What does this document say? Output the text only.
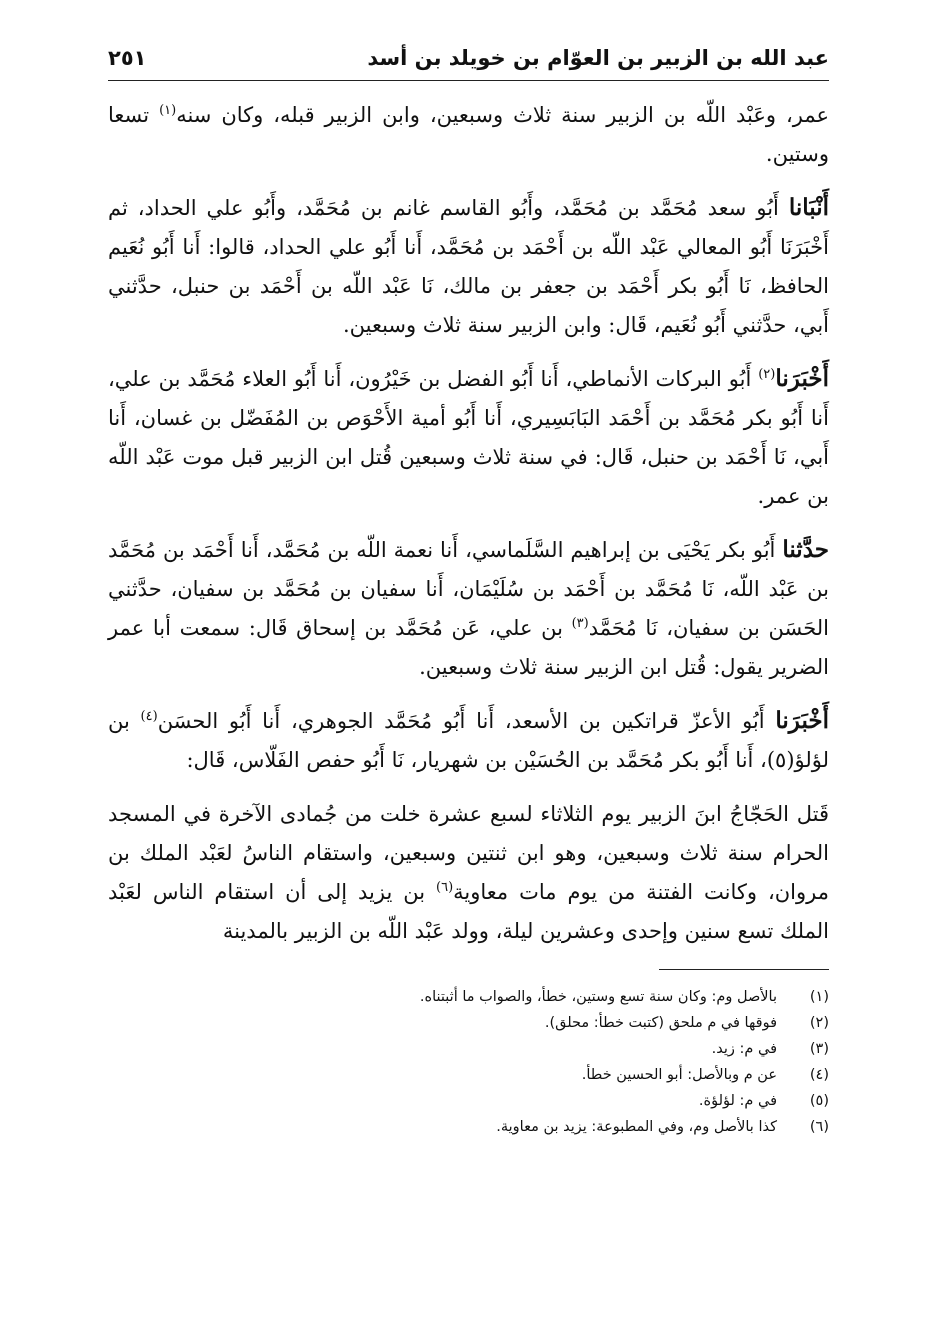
عبد الله بن الزبير بن العوّام بن خويلد بن أسد
٢٥١

عمر، وعَبْد اللّه بن الزبير سنة ثلاث وسبعين، وابن الزبير قبله، وكان سنه$^{(١)}$ تسعا وستين.

أَنْبَانا أَبُو سعد مُحَمَّد بن مُحَمَّد، وأَبُو القاسم غانم بن مُحَمَّد، وأَبُو علي الحداد، ثم أَخْبَرَنَا أَبُو المعالي عَبْد اللّه بن أَحْمَد بن مُحَمَّد، أَنا أَبُو علي الحداد، قالوا: أَنا أَبُو نُعَيم الحافظ، نَا أَبُو بكر أَحْمَد بن جعفر بن مالك، نَا عَبْد اللّه بن أَحْمَد بن حنبل، حدَّثني أَبي، حدَّثني أَبُو نُعَيم، قَال: وابن الزبير سنة ثلاث وسبعين.

أَخْبَرَنا$^{(٢)}$ أَبُو البركات الأنماطي، أَنا أَبُو الفضل بن خَيْرُون، أَنا أَبُو العلاء مُحَمَّد بن علي، أَنا أَبُو بكر مُحَمَّد بن أَحْمَد البَابَسِيري، أَنا أَبُو أمية الأَحْوَص بن المُفَضّل بن غسان، أَنا أَبي، نَا أَحْمَد بن حنبل، قَال: في سنة ثلاث وسبعين قُتل ابن الزبير قبل موت عَبْد اللّه بن عمر.

حدَّثنا أَبُو بكر يَحْيَى بن إبراهيم السَّلَماسي، أَنا نعمة اللّه بن مُحَمَّد، أَنا أَحْمَد بن مُحَمَّد بن عَبْد اللّه، نَا مُحَمَّد بن أَحْمَد بن سُلَيْمَان، أَنا سفيان بن مُحَمَّد بن سفيان، حدَّثني الحَسَن بن سفيان، نَا مُحَمَّد$^{(٣)}$ بن علي، عَن مُحَمَّد بن إسحاق قَال: سمعت أبا عمر الضرير يقول: قُتل ابن الزبير سنة ثلاث وسبعين.

أَخْبَرَنا أَبُو الأعزّ قراتكين بن الأسعد، أَنا أَبُو مُحَمَّد الجوهري، أَنا أَبُو الحسَن$^{(٤)}$ بن لؤلؤ(٥)، أَنا أَبُو بكر مُحَمَّد بن الحُسَيْن بن شهريار، نَا أَبُو حفص الفَلّاس، قَال:

قَتل الحَجّاجُ ابنَ الزبير يوم الثلاثاء لسبع عشرة خلت من جُمادى الآخرة في المسجد الحرام سنة ثلاث وسبعين، وهو ابن ثنتين وسبعين، واستقام الناسُ لعَبْد الملك بن مروان، وكانت الفتنة من يوم مات معاوية$^{(٦)}$ بن يزيد إلى أن استقام الناس لعَبْد الملك تسع سنين وإحدى وعشرين ليلة، وولد عَبْد اللّه بن الزبير بالمدينة

(١)
بالأصل وم: وكان سنة تسع وستين، خطأ، والصواب ما أثبتناه.
(٢)
فوقها في م ملحق (كتبت خطأ: محلق).
(٣)
في م: زيد.
(٤)
عن م وبالأصل: أبو الحسين خطأ.
(٥)
في م: لؤلؤة.
(٦)
كذا بالأصل وم، وفي المطبوعة: يزيد بن معاوية.
